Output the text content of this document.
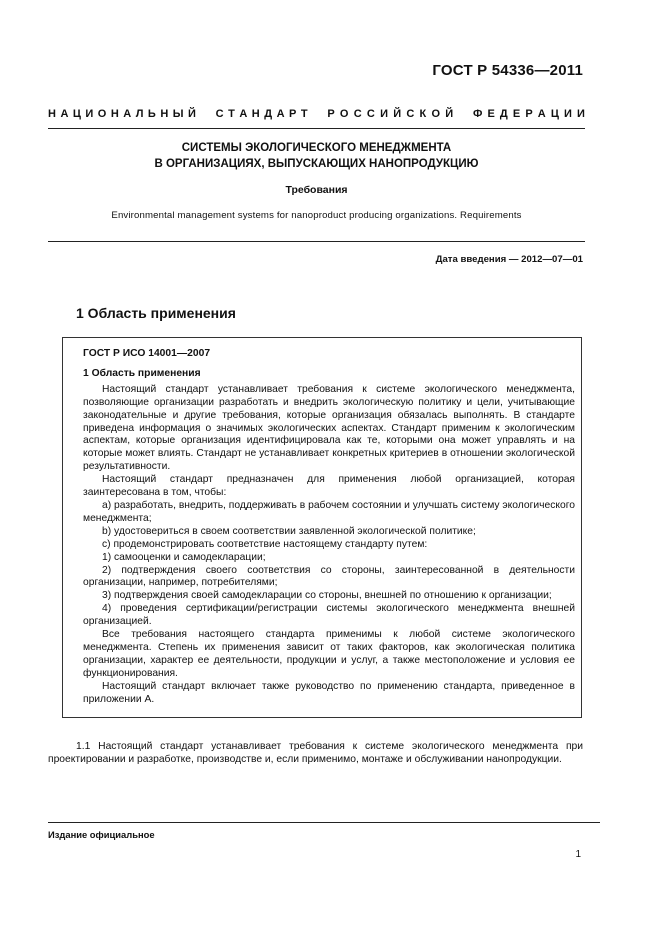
ГОСТ Р 54336—2011
Н А Ц И О Н А Л Ь Н Ы Й С Т А Н Д А Р Т Р О С С И Й С К О Й Ф Е Д Е Р А Ц И И
СИСТЕМЫ ЭКОЛОГИЧЕСКОГО МЕНЕДЖМЕНТА
В ОРГАНИЗАЦИЯХ, ВЫПУСКАЮЩИХ НАНОПРОДУКЦИЮ
Требования
Environmental management systems for nanoproduct producing organizations. Requirements
Дата введения — 2012—07—01
1 Область применения
ГОСТ Р ИСО 14001—2007
1 Область применения

Настоящий стандарт устанавливает требования к системе экологического менеджмента, позволяющие организации разработать и внедрить экологическую политику и цели, учитывающие законодательные и другие требования, которые организация обязалась выполнять. В стандарте приведена информация о значимых экологических аспектах. Стандарт применим к экологическим аспектам, которые организация идентифицировала как те, которыми она может управлять и на которые может влиять. Стандарт не устанавливает конкретных критериев в отношении экологической результативности.

Настоящий стандарт предназначен для применения любой организацией, которая заинтересована в том, чтобы:

a) разработать, внедрить, поддерживать в рабочем состоянии и улучшать систему экологического менеджмента;

b) удостовериться в своем соответствии заявленной экологической политике;

c) продемонстрировать соответствие настоящему стандарту путем:

1) самооценки и самодекларации;

2) подтверждения своего соответствия со стороны, заинтересованной в деятельности организации, например, потребителями;

3) подтверждения своей самодекларации со стороны, внешней по отношению к организации;

4) проведения сертификации/регистрации системы экологического менеджмента внешней организацией.

Все требования настоящего стандарта применимы к любой системе экологического менеджмента. Степень их применения зависит от таких факторов, как экологическая политика организации, характер ее деятельности, продукции и услуг, а также местоположение и условия ее функционирования.

Настоящий стандарт включает также руководство по применению стандарта, приведенное в приложении А.

1.1 Настоящий стандарт устанавливает требования к системе экологического менеджмента при проектировании и разработке, производстве и, если применимо, монтаже и обслуживании нанопродукции.

Издание официальное
1
